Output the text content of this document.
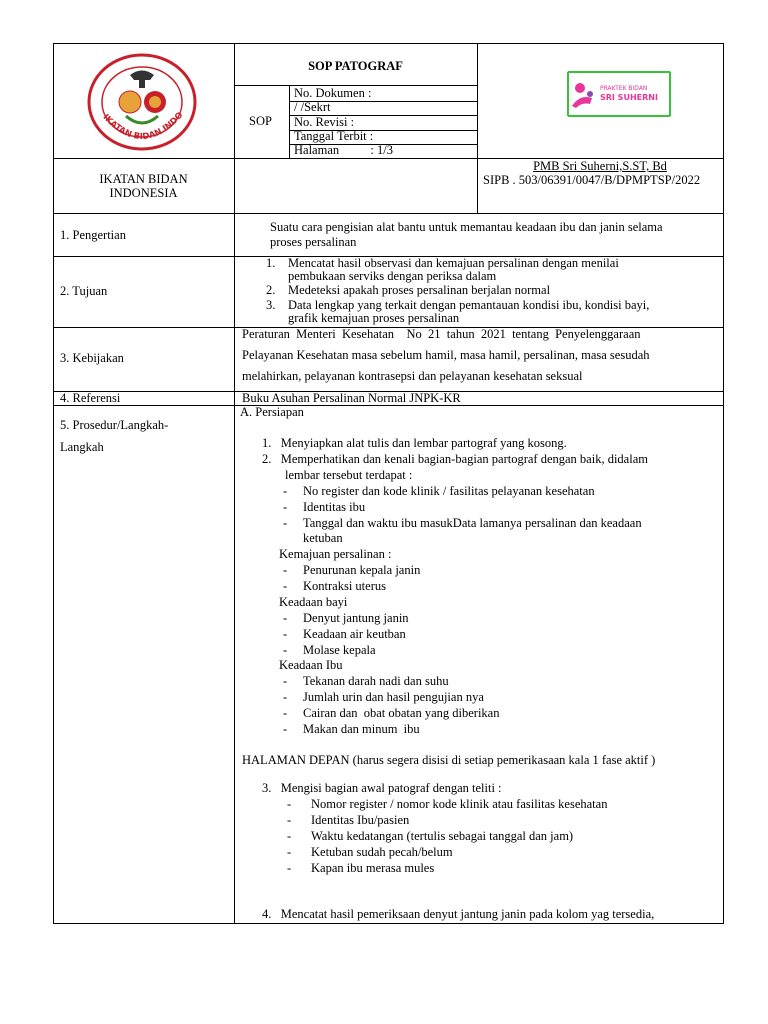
IKATAN BIDAN INDO
SOP PATOGRAF
SOP
No. Dokumen :
/ /Sekrt
No. Revisi :
Tanggal Terbit :
Halaman          : 1/3
PRAKTEK BIDAN
SRI SUHERNI
IKATAN BIDAN
INDONESIA
PMB Sri Suherni,S.ST, Bd
SIPB . 503/06391/0047/B/DPMPTSP/2022
1. Pengertian
Suatu cara pengisian alat bantu untuk memantau keadaan ibu dan janin selama
proses persalinan
2. Tujuan
1. Mencatat hasil observasi dan kemajuan persalinan dengan menilai
pembukaan serviks dengan periksa dalam
2. Medeteksi apakah proses persalinan berjalan normal
3. Data lengkap yang terkait dengan pemantauan kondisi ibu, kondisi bayi,
grafik kemajuan proses persalinan
3. Kebijakan
Peraturan  Menteri  Kesehatan    No  21  tahun  2021  tentang  Penyelenggaraan
Pelayanan Kesehatan masa sebelum hamil, masa hamil, persalinan, masa sesudah
melahirkan, pelayanan kontrasepsi dan pelayanan kesehatan seksual
4. Referensi	Buku Asuhan Persalinan Normal JNPK-KR
5. Prosedur/Langkah-
Langkah
A. Persiapan
1.   Menyiapkan alat tulis dan lembar partograf yang kosong.
2.   Memperhatikan dan kenali bagian-bagian partograf dengan baik, didalam
lembar tersebut terdapat :
- No register dan kode klinik / fasilitas pelayanan kesehatan
- Identitas ibu
- Tanggal dan waktu ibu masukData lamanya persalinan dan keadaan
ketuban
Kemajuan persalinan :
- Penurunan kepala janin
- Kontraksi uterus
Keadaan bayi
- Denyut jantung janin
- Keadaan air keutban
- Molase kepala
Keadaan Ibu
- Tekanan darah nadi dan suhu
- Jumlah urin dan hasil pengujian nya
- Cairan dan  obat obatan yang diberikan
- Makan dan minum  ibu
HALAMAN DEPAN (harus segera disisi di setiap pemerikasaan kala 1 fase aktif )
3.   Mengisi bagian awal patograf dengan teliti :
- Nomor register / nomor kode klinik atau fasilitas kesehatan
- Identitas Ibu/pasien
- Waktu kedatangan (tertulis sebagai tanggal dan jam)
- Ketuban sudah pecah/belum
- Kapan ibu merasa mules
4.   Mencatat hasil pemeriksaan denyut jantung janin pada kolom yag tersedia,
